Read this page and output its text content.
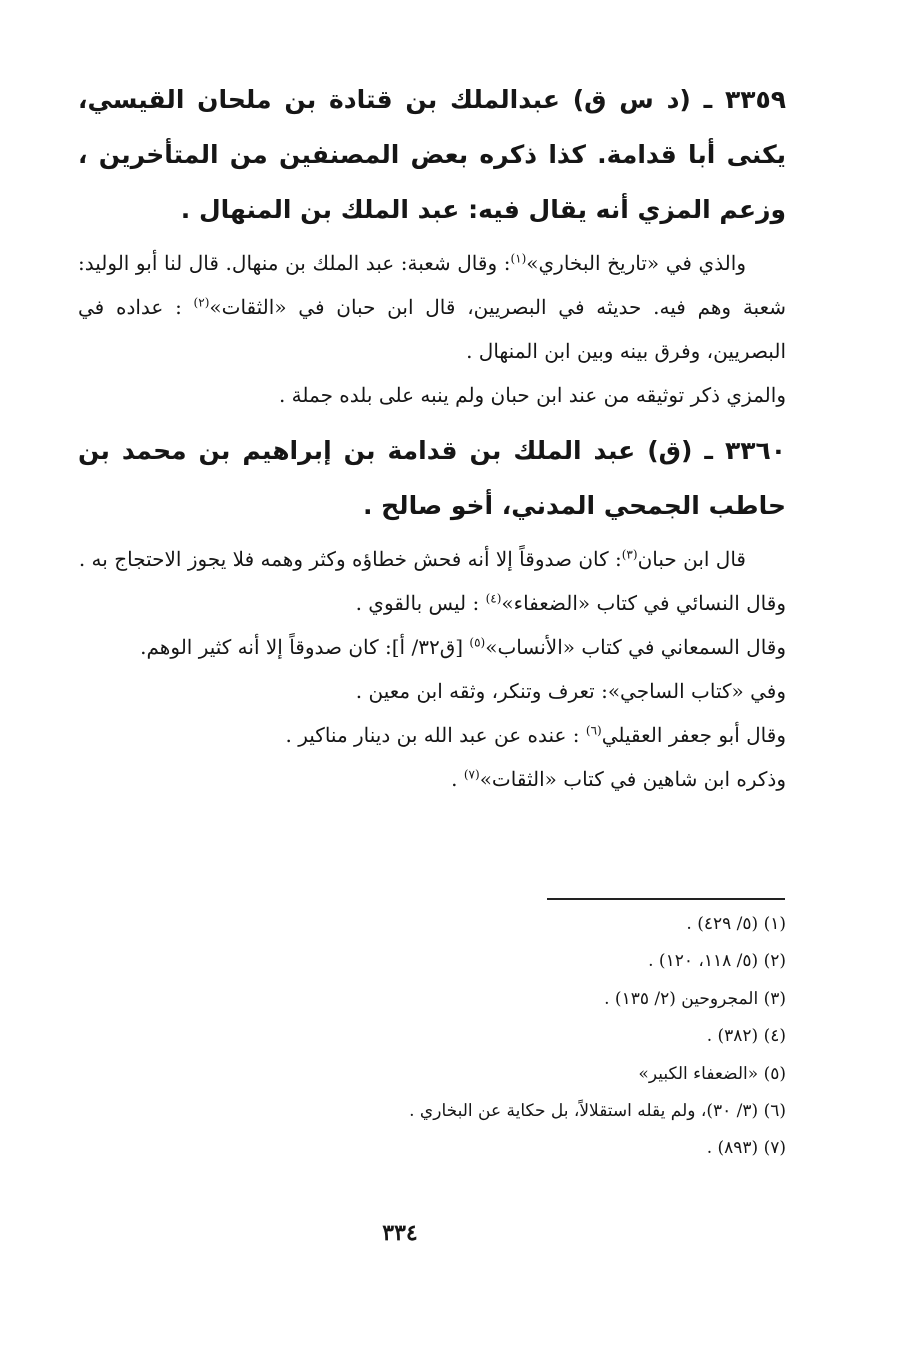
٣٣٥٩ ـ (د س ق) عبدالملك بن قتادة بن ملحان القيسي، يكنى أبا قدامة. كذا ذكره بعض المصنفين من المتأخرين ، وزعم المزي أنه يقال فيه: عبد الملك بن المنهال .

والذي في «تاريخ البخاري»$^{(١)}$: وقال شعبة: عبد الملك بن منهال. قال لنا أبو الوليد: شعبة وهم فيه. حديثه في البصريين، قال ابن حبان في «الثقات»$^{(٢)}$ : عداده في البصريين، وفرق بينه وبين ابن المنهال .

والمزي ذكر توثيقه من عند ابن حبان ولم ينبه على بلده جملة .

٣٣٦٠ ـ (ق) عبد الملك بن قدامة بن إبراهيم بن محمد بن حاطب الجمحي المدني، أخو صالح .

قال ابن حبان$^{(٣)}$: كان صدوقاً إلا أنه فحش خطاؤه وكثر وهمه فلا يجوز الاحتجاج به .

وقال النسائي في كتاب «الضعفاء»$^{(٤)}$ : ليس بالقوي .

وقال السمعاني في كتاب «الأنساب»$^{(٥)}$ [ق٣٢/ أ]: كان صدوقاً إلا أنه كثير الوهم.

وفي «كتاب الساجي»: تعرف وتنكر، وثقه ابن معين .

وقال أبو جعفر العقيلي$^{(٦)}$ : عنده عن عبد الله بن دينار مناكير .

وذكره ابن شاهين في كتاب «الثقات»$^{(٧)}$ .

(١) (٥/ ٤٢٩) .

(٢) (٥/ ١١٨، ١٢٠) .

(٣) المجروحين (٢/ ١٣٥) .

(٤) (٣٨٢) .

(٥) «الضعفاء الكبير»

(٦) (٣/ ٣٠)، ولم يقله استقلالاً، بل حكاية عن البخاري .

(٧) (٨٩٣) .

٣٣٤
